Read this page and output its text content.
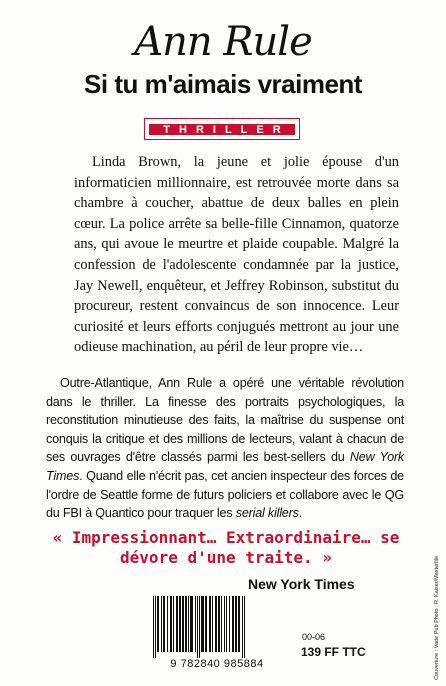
Ann Rule
Si tu m'aimais vraiment
THRILLER

Linda Brown, la jeune et jolie épouse d'un informaticien millionnaire, est retrouvée morte dans sa chambre à coucher, abattue de deux balles en plein cœur. La police arrête sa belle-fille Cinnamon, quatorze ans, qui avoue le meurtre et plaide coupable. Malgré la confession de l'adolescente condamnée par la justice, Jay Newell, enquêteur, et Jeffrey Robinson, substitut du procureur, restent convaincus de son innocence. Leur curiosité et leurs efforts conjugués mettront au jour une odieuse machination, au péril de leur propre vie…

Outre-Atlantique, Ann Rule a opéré une véritable révolution dans le thriller. La finesse des portraits psychologiques, la reconstitution minutieuse des faits, la maîtrise du suspense ont conquis la critique et des millions de lecteurs, valant à chacun de ses ouvrages d'être classés parmi les best-sellers du New York Times. Quand elle n'écrit pas, cet ancien inspecteur des forces de l'ordre de Seattle forme de futurs policiers et collabore avec le QG du FBI à Quantico pour traquer les serial killers.

« Impressionnant… Extraordinaire… se dévore d'une traite. »
New York Times
9 782840 985884
00-06
139 FF TTC	Couverture : Vade Pub Photo : R. Kaiser/Masterfile
